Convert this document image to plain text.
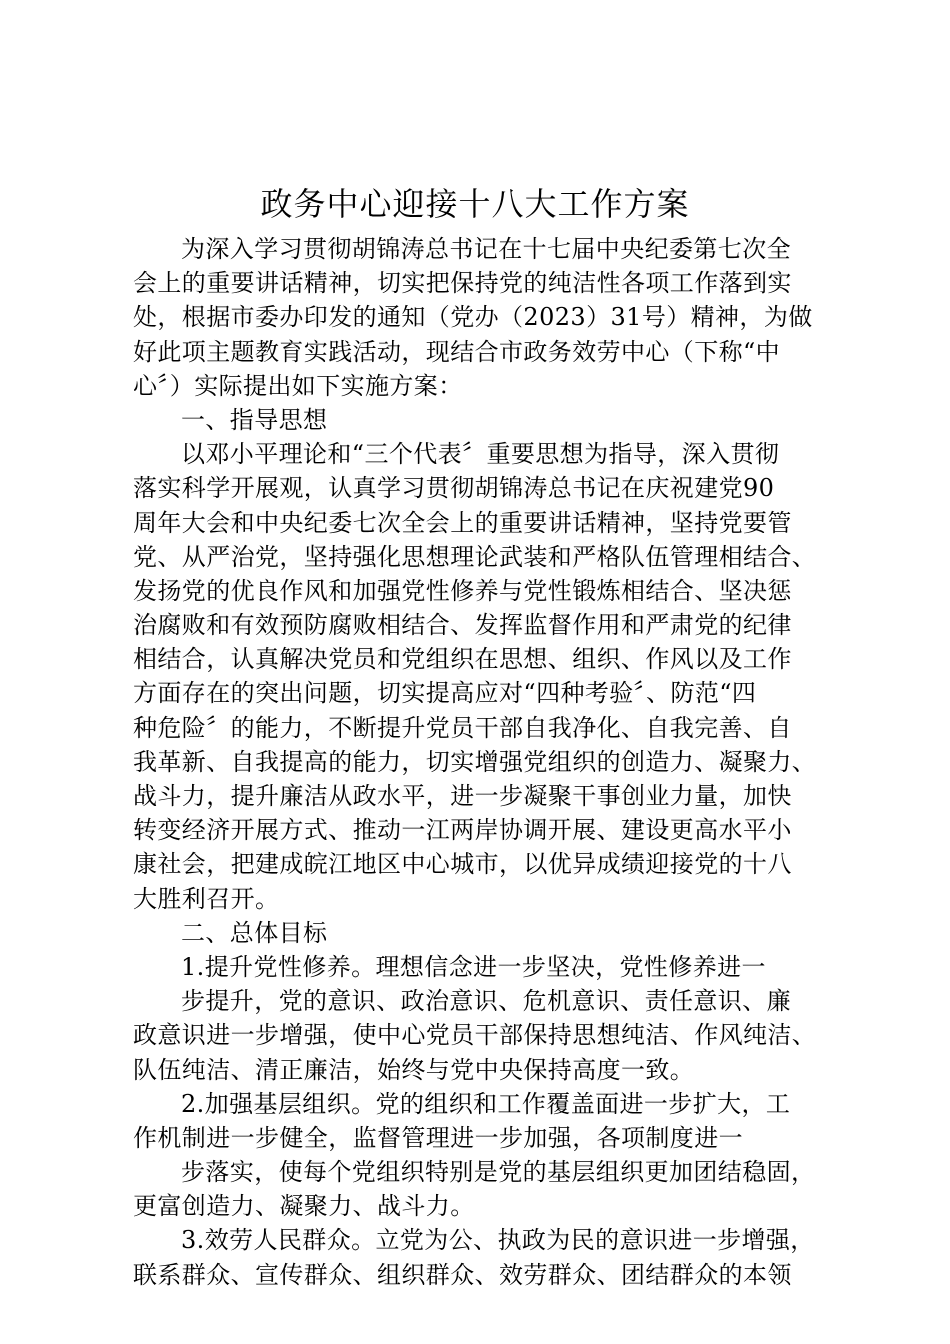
政务中心迎接十八大工作方案
为深入学习贯彻胡锦涛总书记在十七届中央纪委第七次全
会上的重要讲话精神，切实把保持党的纯洁性各项工作落到实
处，根据市委办印发的通知（党办（2023）31号）精神，为做
好此项主题教育实践活动，现结合市政务效劳中心（下称“中
心〞）实际提出如下实施方案：
一、指导思想
以邓小平理论和“三个代表〞重要思想为指导，深入贯彻
落实科学开展观，认真学习贯彻胡锦涛总书记在庆祝建党90
周年大会和中央纪委七次全会上的重要讲话精神，坚持党要管
党、从严治党，坚持强化思想理论武装和严格队伍管理相结合、
发扬党的优良作风和加强党性修养与党性锻炼相结合、坚决惩
治腐败和有效预防腐败相结合、发挥监督作用和严肃党的纪律
相结合，认真解决党员和党组织在思想、组织、作风以及工作
方面存在的突出问题，切实提高应对“四种考验〞、防范“四
种危险〞的能力，不断提升党员干部自我净化、自我完善、自
我革新、自我提高的能力，切实增强党组织的创造力、凝聚力、
战斗力，提升廉洁从政水平，进一步凝聚干事创业力量，加快
转变经济开展方式、推动一江两岸协调开展、建设更高水平小
康社会，把建成皖江地区中心城市，以优异成绩迎接党的十八
大胜利召开。
二、总体目标
1.提升党性修养。理想信念进一步坚决，党性修养进一
步提升，党的意识、政治意识、危机意识、责任意识、廉
政意识进一步增强，使中心党员干部保持思想纯洁、作风纯洁、
队伍纯洁、清正廉洁，始终与党中央保持高度一致。
2.加强基层组织。党的组织和工作覆盖面进一步扩大，工
作机制进一步健全，监督管理进一步加强，各项制度进一
步落实，使每个党组织特别是党的基层组织更加团结稳固，
更富创造力、凝聚力、战斗力。
3.效劳人民群众。立党为公、执政为民的意识进一步增强，
联系群众、宣传群众、组织群众、效劳群众、团结群众的本领
